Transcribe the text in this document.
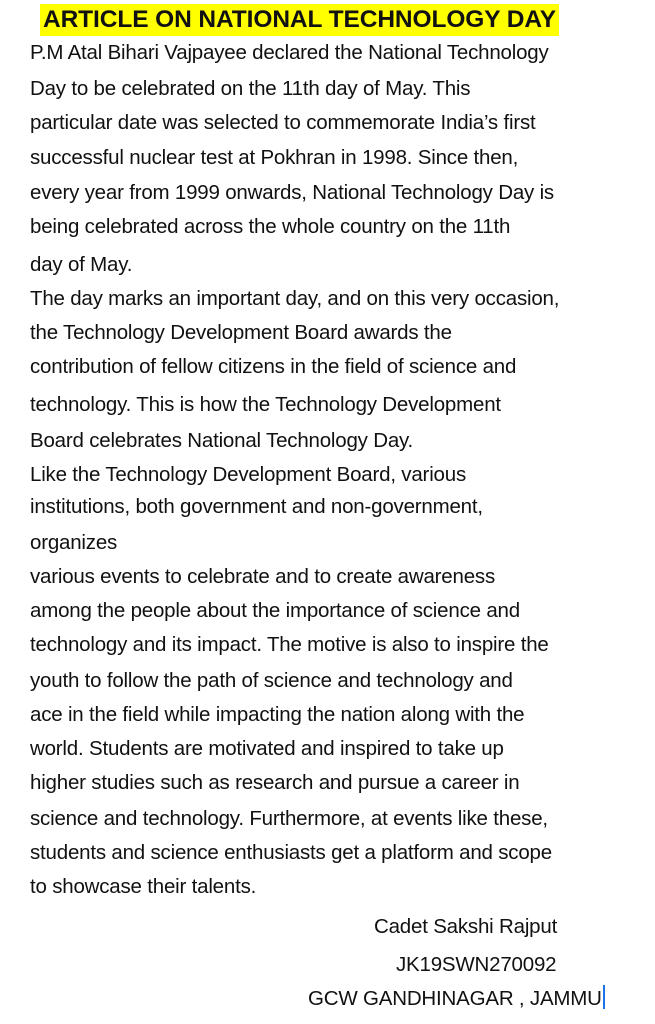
ARTICLE ON NATIONAL TECHNOLOGY DAY
P.M Atal Bihari Vajpayee declared the National Technology
Day to be celebrated on the 11th day of May. This
particular date was selected to commemorate India’s first
successful nuclear test at Pokhran in 1998. Since then,
every year from 1999 onwards, National Technology Day is
being celebrated across the whole country on the 11th
day of May.
The day marks an important day, and on this very occasion,
the Technology Development Board awards the
contribution of fellow citizens in the field of science and
technology. This is how the Technology Development
Board celebrates National Technology Day.
Like the Technology Development Board, various
institutions, both government and non-government,
organizes
various events to celebrate and to create awareness
among the people about the importance of science and
technology and its impact. The motive is also to inspire the
youth to follow the path of science and technology and
ace in the field while impacting the nation along with the
world. Students are motivated and inspired to take up
higher studies such as research and pursue a career in
science and technology. Furthermore, at events like these,
students and science enthusiasts get a platform and scope
to showcase their talents.
Cadet Sakshi Rajput
JK19SWN270092
GCW GANDHINAGAR , JAMMU
